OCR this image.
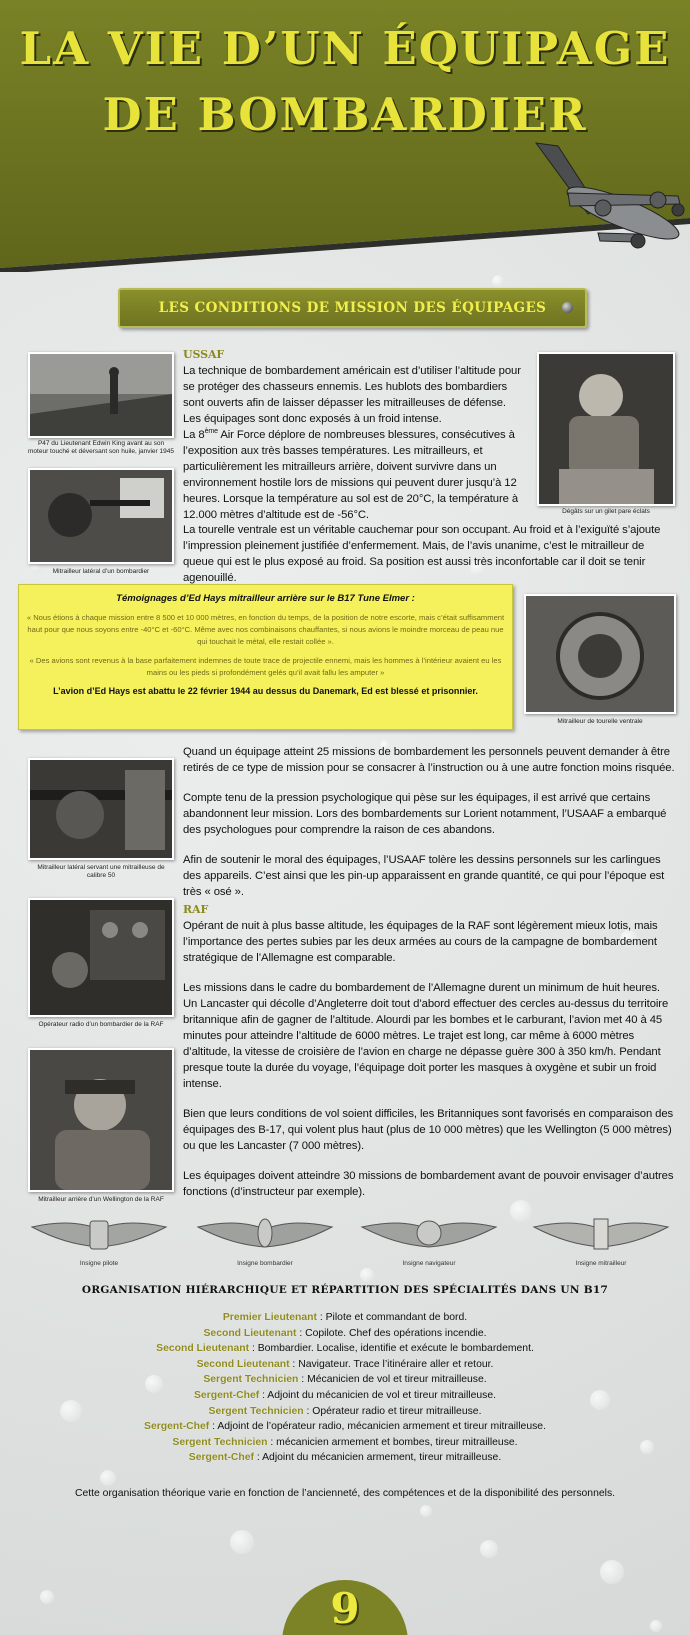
LA VIE D’UN ÉQUIPAGE
DE BOMBARDIER
LES CONDITIONS DE MISSION DES ÉQUIPAGES
P47 du Lieutenant Edwin King avant au son moteur touché et déversant son huile, janvier 1945
Mitrailleur latéral d’un bombardier
Dégâts sur un gilet pare éclats

USSAF

La technique de bombardement américain est d’utiliser l’altitude pour se protéger des chasseurs ennemis. Les hublots des bombardiers sont ouverts afin de laisser dépasser les mitrailleuses de défense. Les équipages sont donc exposés à un froid intense.

La 8ème Air Force déplore de nombreuses blessures, consécutives à l’exposition aux très basses températures. Les mitrailleurs, et particulièrement les mitrailleurs arrière, doivent survivre dans un environnement hostile lors de missions qui peuvent durer jusqu’à 12 heures. Lorsque la température au sol est de 20°C, la température à 12.000 mètres d’altitude est de -56°C.

La tourelle ventrale est un véritable cauchemar pour son occupant. Au froid et à l’exiguïté s’ajoute l’impression pleinement justifiée d’enfermement. Mais, de l’avis unanime, c’est le mitrailleur de queue qui est le plus exposé au froid. Sa position est aussi très inconfortable car il doit se tenir agenouillé.
Témoignages d’Ed Hays mitrailleur arrière sur le B17 Tune Elmer :
« Nous étions à chaque mission entre 8 500 et 10 000 mètres, en fonction du temps, de la position de notre escorte, mais c’était suffisamment haut pour que nous soyons entre -40°C et -60°C. Même avec nos combinaisons chauffantes, si nous avions le moindre morceau de peau nue qui touchait le métal, elle restait collée ».
« Des avions sont revenus à la base parfaitement indemnes de toute trace de projectile ennemi, mais les hommes à l’intérieur avaient eu les mains ou les pieds si profondément gelés qu’il avait fallu les amputer »
L’avion d’Ed Hays est abattu le 22 février 1944 au dessus du Danemark, Ed est blessé et prisonnier.
Mitrailleur de tourelle ventrale
Mitrailleur latéral servant une mitrailleuse de calibre 50

Quand un équipage atteint 25 missions de bombardement les personnels peuvent demander à être retirés de ce type de mission pour se consacrer à l’instruction ou à une autre fonction moins risquée.

Compte tenu de la pression psychologique qui pèse sur les équipages, il est arrivé que certains abandonnent leur mission. Lors des bombardements sur Lorient notamment, l’USAAF a embarqué des psychologues pour comprendre la raison de ces abandons.

Afin de soutenir le moral des équipages, l’USAAF tolère les dessins personnels sur les carlingues des appareils. C’est ainsi que les pin-up apparaissent en grande quantité, ce qui pour l’époque est très « osé ».

Opérateur radio d’un bombardier de la RAF
Mitrailleur arrière d’un Wellington de la RAF

RAF

Opérant de nuit à plus basse altitude, les équipages de la RAF sont légèrement mieux lotis, mais l’importance des pertes subies par les deux armées au cours de la campagne de bombardement stratégique de l’Allemagne est comparable.

Les missions dans le cadre du bombardement de l’Allemagne durent un minimum de huit heures. Un Lancaster qui décolle d’Angleterre doit tout d’abord effectuer des cercles au-dessus du territoire britannique afin de gagner de l’altitude. Alourdi par les bombes et le carburant, l’avion met 40 à 45 minutes pour atteindre l’altitude de 6000 mètres. Le trajet est long, car même à 6000 mètres d’altitude, la vitesse de croisière de l’avion en charge ne dépasse guère 300 à 350 km/h. Pendant presque toute la durée du voyage, l’équipage doit porter les masques à oxygène et subir un froid intense.

Bien que leurs conditions de vol soient difficiles, les Britanniques sont favorisés en comparaison des équipages des B-17, qui volent plus haut (plus de 10 000 mètres) que les Wellington (5 000 mètres) ou que les Lancaster (7 000 mètres).

Les équipages doivent atteindre 30 missions de bombardement avant de pouvoir envisager d’autres fonctions (d’instructeur par exemple).

Insigne pilote	Insigne bombardier	Insigne navigateur	Insigne mitrailleur
ORGANISATION HIÉRARCHIQUE ET RÉPARTITION DES SPÉCIALITÉS DANS UN B17
Premier Lieutenant : Pilote et commandant de bord.
Second Lieutenant : Copilote. Chef des opérations incendie.
Second Lieutenant : Bombardier. Localise, identifie et exécute le bombardement.
Second Lieutenant : Navigateur. Trace l’itinéraire aller et retour.
Sergent Technicien : Mécanicien de vol et tireur mitrailleuse.
Sergent-Chef : Adjoint du mécanicien de vol et tireur mitrailleuse.
Sergent Technicien : Opérateur radio et tireur mitrailleuse.
Sergent-Chef : Adjoint de l’opérateur radio, mécanicien armement et tireur mitrailleuse.
Sergent Technicien : mécanicien armement et bombes, tireur mitrailleuse.
Sergent-Chef : Adjoint du mécanicien armement, tireur mitrailleuse.
Cette organisation théorique varie en fonction de l’ancienneté, des compétences et de la disponibilité des personnels.
9
